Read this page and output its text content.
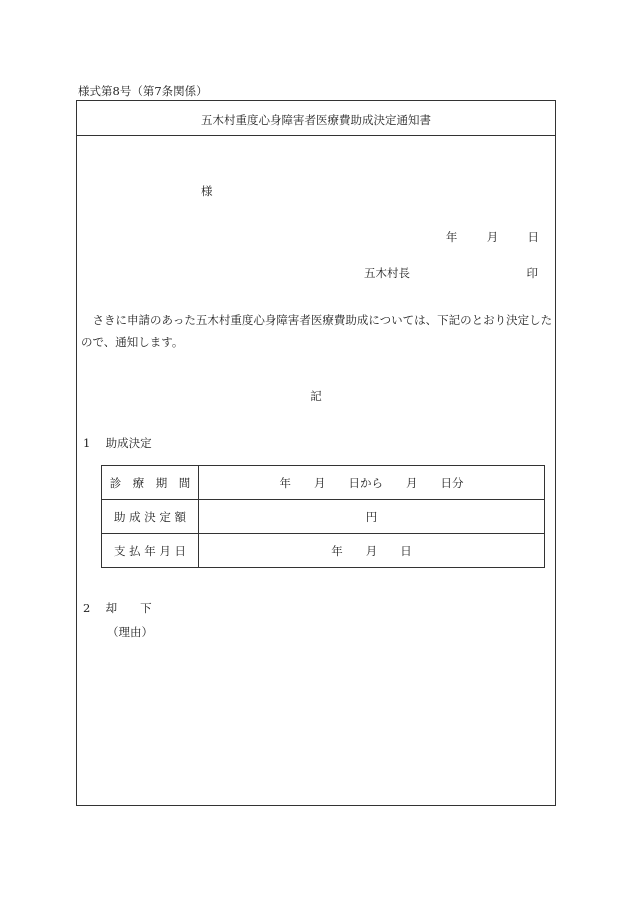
様式第8号（第7条関係）
五木村重度心身障害者医療費助成決定通知書
様
年	月	日
五木村長	印
　さきに申請のあった五木村重度心身障害者医療費助成については、下記のとおり決定したので、通知します。
記
1 助成決定
診　療　期　間	年　　月　　日から　　月　　日分
助 成 決 定 額	円
支 払 年 月 日	年　　月　　日
2 却　　下
（理由）
